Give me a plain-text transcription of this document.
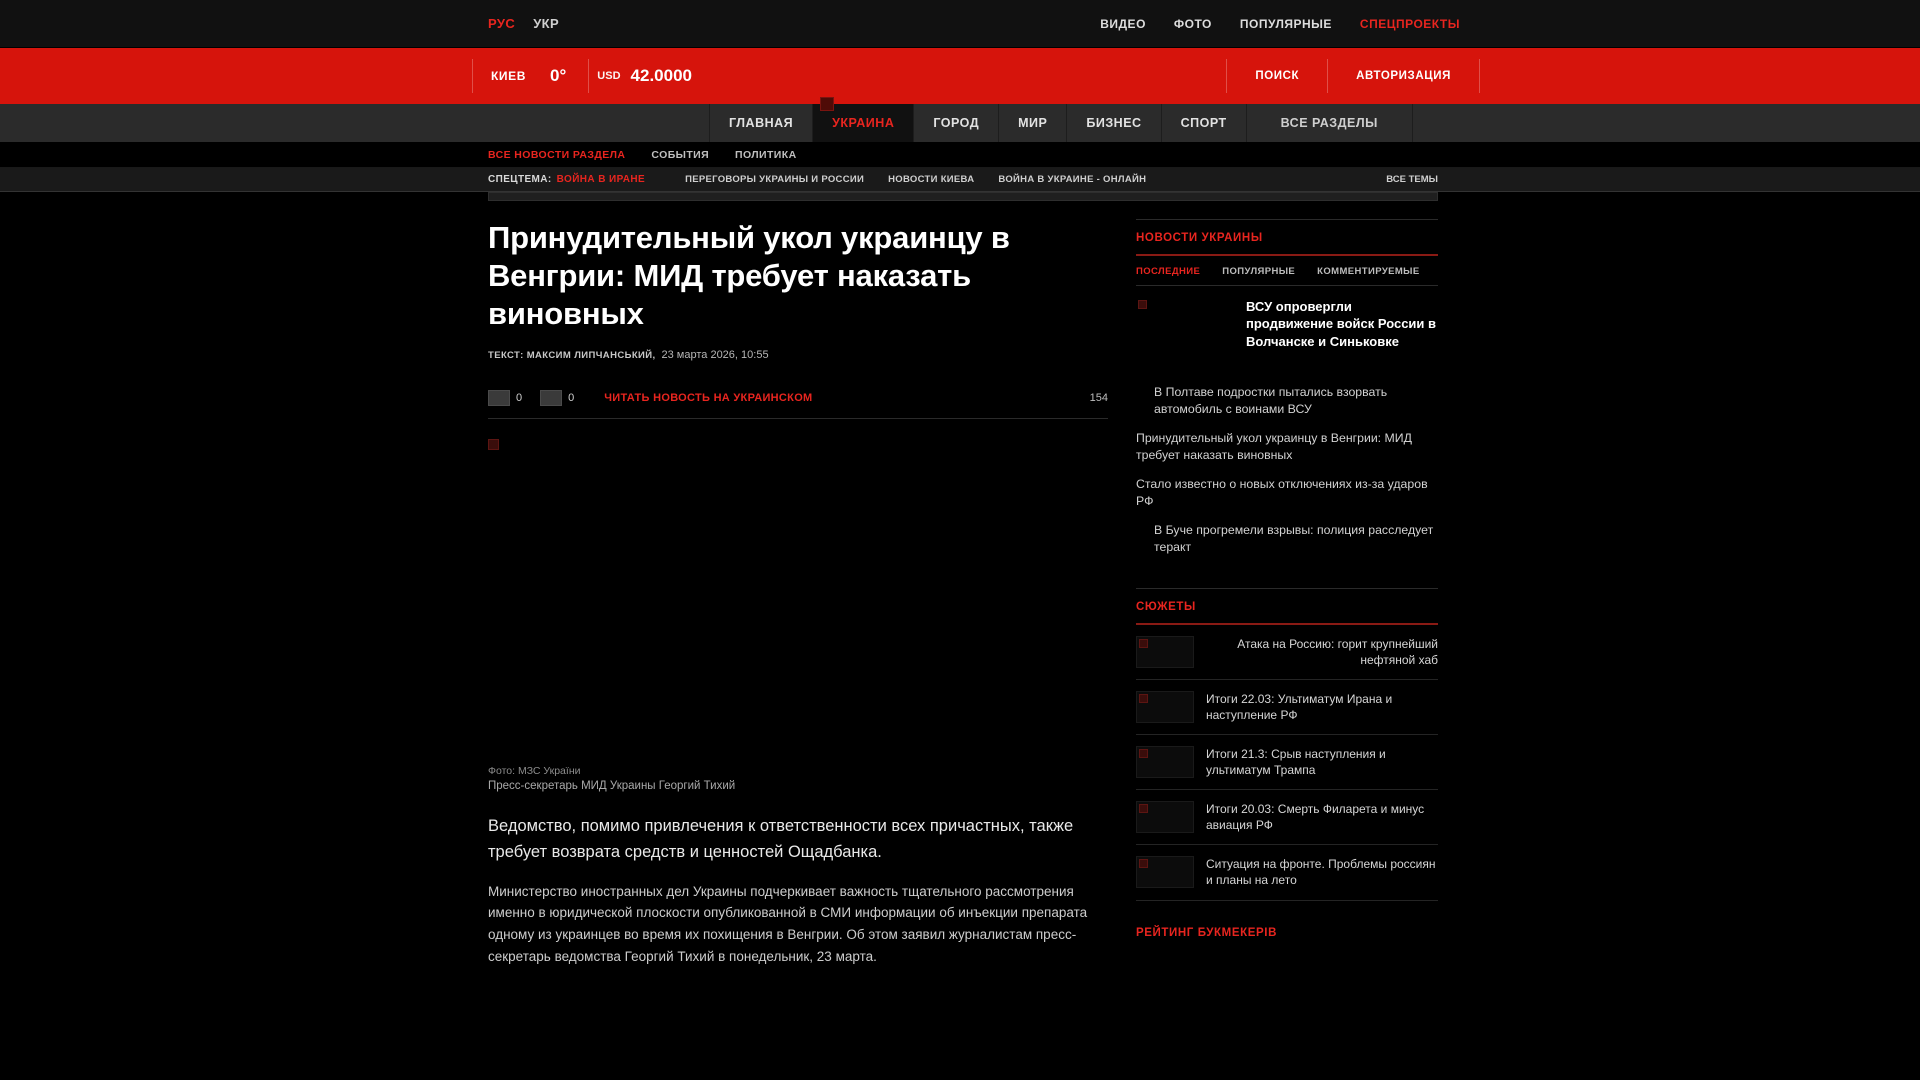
РУС УКР	ВИДЕО ФОТО ПОПУЛЯРНЫЕ СПЕЦПРОЕКТЫ
КИЕВ	0°	USD 42.0000	ПОИСК	АВТОРИЗАЦИЯ
ГЛАВНАЯ	УКРАИНА	ГОРОД	МИР	БИЗНЕС	СПОРТ	ВСЕ РАЗДЕЛЫ
ВСЕ НОВОСТИ РАЗДЕЛА СОБЫТИЯ ПОЛИТИКА
СПЕЦТЕМА: ВОЙНА В ИРАНЕ	ПЕРЕГОВОРЫ УКРАИНЫ И РОССИИ	НОВОСТИ КИЕВА	ВОЙНА В УКРАИНЕ - ОНЛАЙН	ВСЕ ТЕМЫ
Принудительный укол украинцу в Венгрии: МИД требует наказать виновных
ТЕКСТ: МАКСИМ ЛИПЧАНСЬКИЙ, 23 марта 2026, 10:55
0	0	ЧИТАТЬ НОВОСТЬ НА УКРАИНСКОМ	154
Фото: МЗС України
Пресс-секретарь МИД Украины Георгий Тихий
Ведомство, помимо привлечения к ответственности всех причастных, также требует возврата средств и ценностей Ощадбанка.
Министерство иностранных дел Украины подчеркивает важность тщательного рассмотрения именно в юридической плоскости опубликованной в СМИ информации об инъекции препарата одному из украинцев во время их похищения в Венгрии. Об этом заявил журналистам пресс-секретарь ведомства Георгий Тихий в понедельник, 23 марта.
НОВОСТИ УКРАИНЫ
ПОСЛЕДНИЕ ПОПУЛЯРНЫЕ КОММЕНТИРУЕМЫЕ
ВСУ опровергли продвижение войск России в Волчанске и Синьковке
В Полтаве подростки пытались взорвать автомобиль с воинами ВСУ
Принудительный укол украинцу в Венгрии: МИД требует наказать виновных
Стало известно о новых отключениях из-за ударов РФ
В Буче прогремели взрывы: полиция расследует теракт
СЮЖЕТЫ
Атака на Россию: горит крупнейший нефтяной хаб
Итоги 22.03: Ультиматум Ирана и наступление РФ
Итоги 21.3: Срыв наступления и ультиматум Трампа
Итоги 20.03: Смерть Филарета и минус авиация РФ
Ситуация на фронте. Проблемы россиян и планы на лето
РЕЙТИНГ БУКМЕКЕРІВ
